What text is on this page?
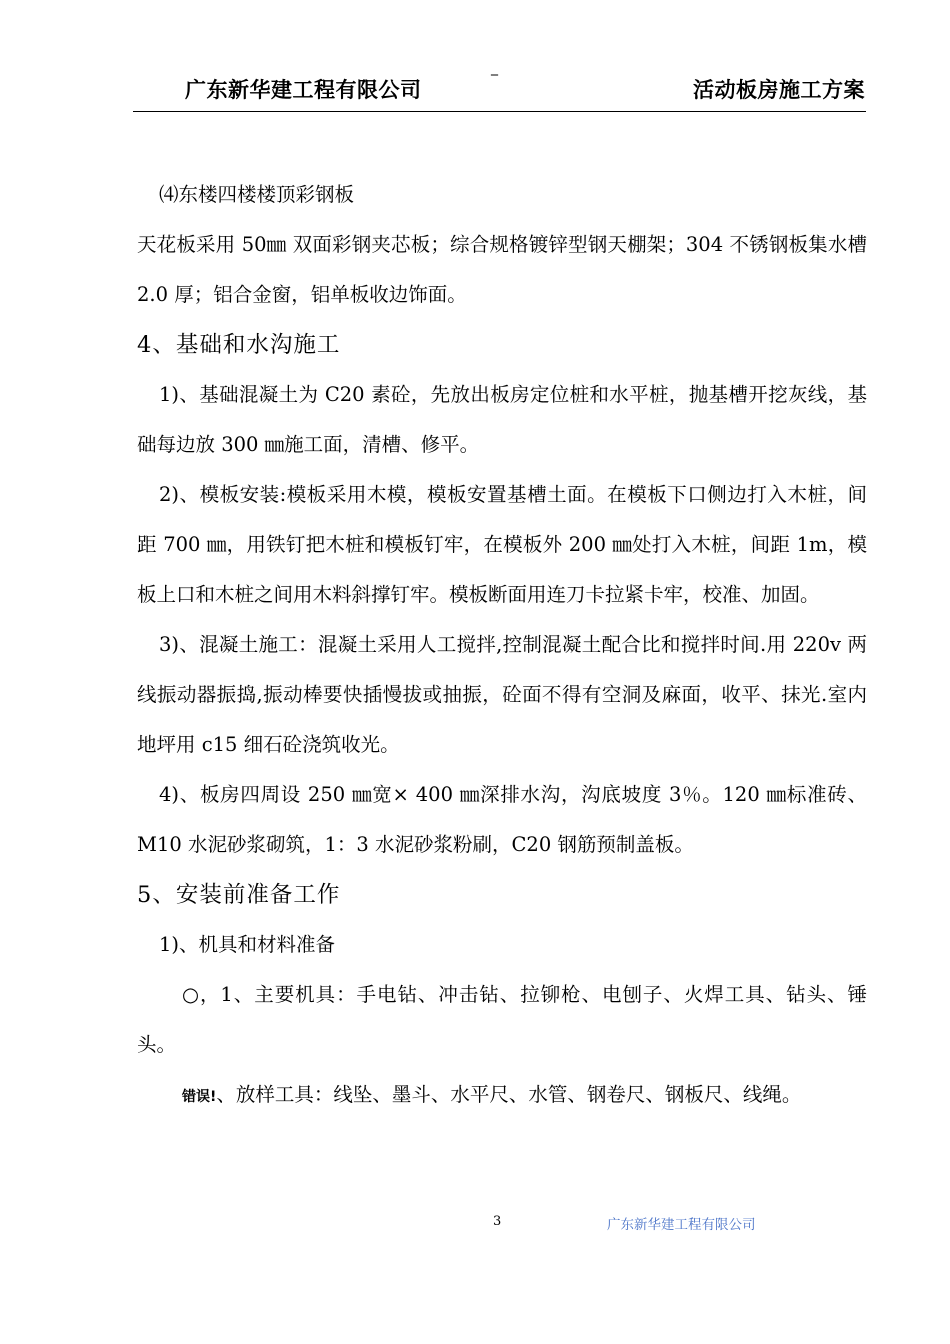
_
广东新华建工程有限公司	活动板房施工方案

⑷东楼四楼楼顶彩钢板

天花板采用 50㎜ 双面彩钢夹芯板；综合规格镀锌型钢天棚架；304 不锈钢板集水槽 2.0 厚；铝合金窗，铝单板收边饰面。

4、基础和水沟施工

1)、基础混凝土为 C20 素砼，先放出板房定位桩和水平桩，抛基槽开挖灰线，基础每边放 300 ㎜施工面，清槽、修平。

2)、模板安装:模板采用木模，模板安置基槽土面。在模板下口侧边打入木桩，间距 700 ㎜，用铁钉把木桩和模板钉牢，在模板外 200 ㎜处打入木桩，间距 1m，模板上口和木桩之间用木料斜撑钉牢。模板断面用连刀卡拉紧卡牢，校准、加固。

3)、混凝土施工：混凝土采用人工搅拌,控制混凝土配合比和搅拌时间.用 220v 两线振动器振捣,振动棒要快插慢拔或抽振，砼面不得有空洞及麻面，收平、抹光.室内地坪用 c15 细石砼浇筑收光。

4)、板房四周设 250 ㎜宽× 400 ㎜深排水沟，沟底坡度 3％。120 ㎜标准砖、M10 水泥砂浆砌筑，1：3 水泥砂浆粉刷，C20 钢筋预制盖板。

5、安装前准备工作

1)、机具和材料准备

○，1、主要机具：手电钻、冲击钻、拉铆枪、电刨子、火焊工具、钻头、锤头。

错误!、放样工具：线坠、墨斗、水平尺、水管、钢卷尺、钢板尺、线绳。

3	广东新华建工程有限公司
